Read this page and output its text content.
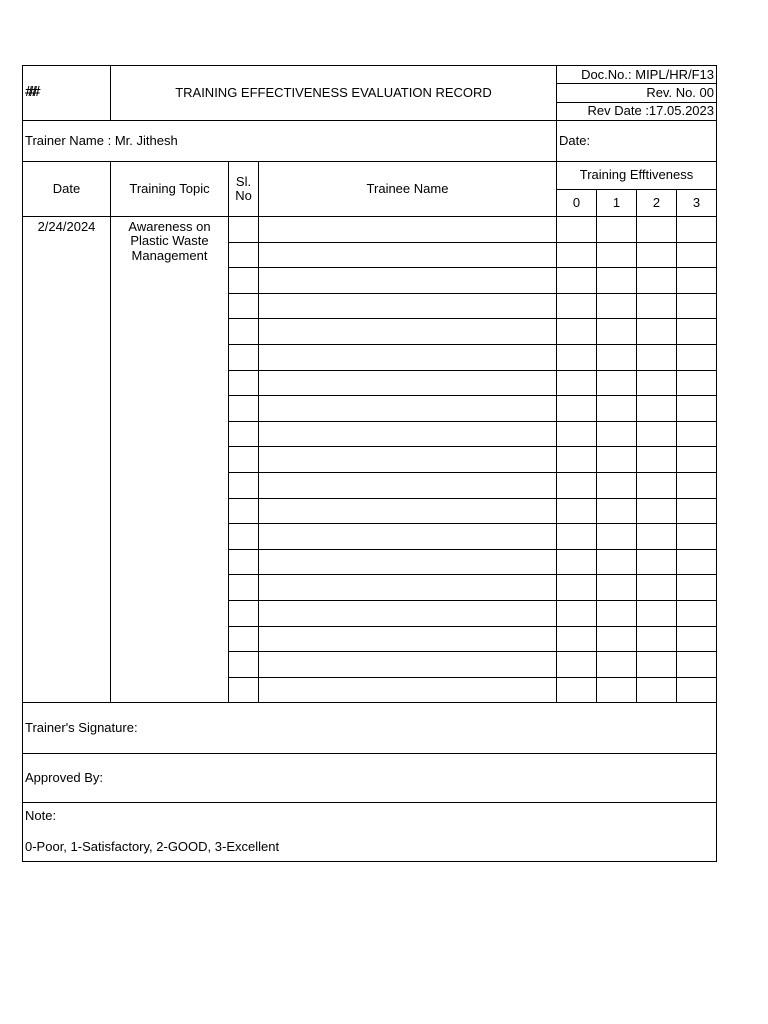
###	TRAINING EFFECTIVENESS EVALUATION RECORD			Doc.No.: MIPL/HR/F13			
				Rev. No. 00			
				Rev Date :17.05.2023			
Trainer Name : Mr. Jithesh				Date:			
Date	Training Topic	Sl. No	Trainee Name	Training Efftiveness			
				0	1	2	3
2/24/2024	Awareness on Plastic Waste Management						

Trainer's Signature:							
Approved By:							

Note:
0-Poor, 1-Satisfactory, 2-GOOD, 3-Excellent							
